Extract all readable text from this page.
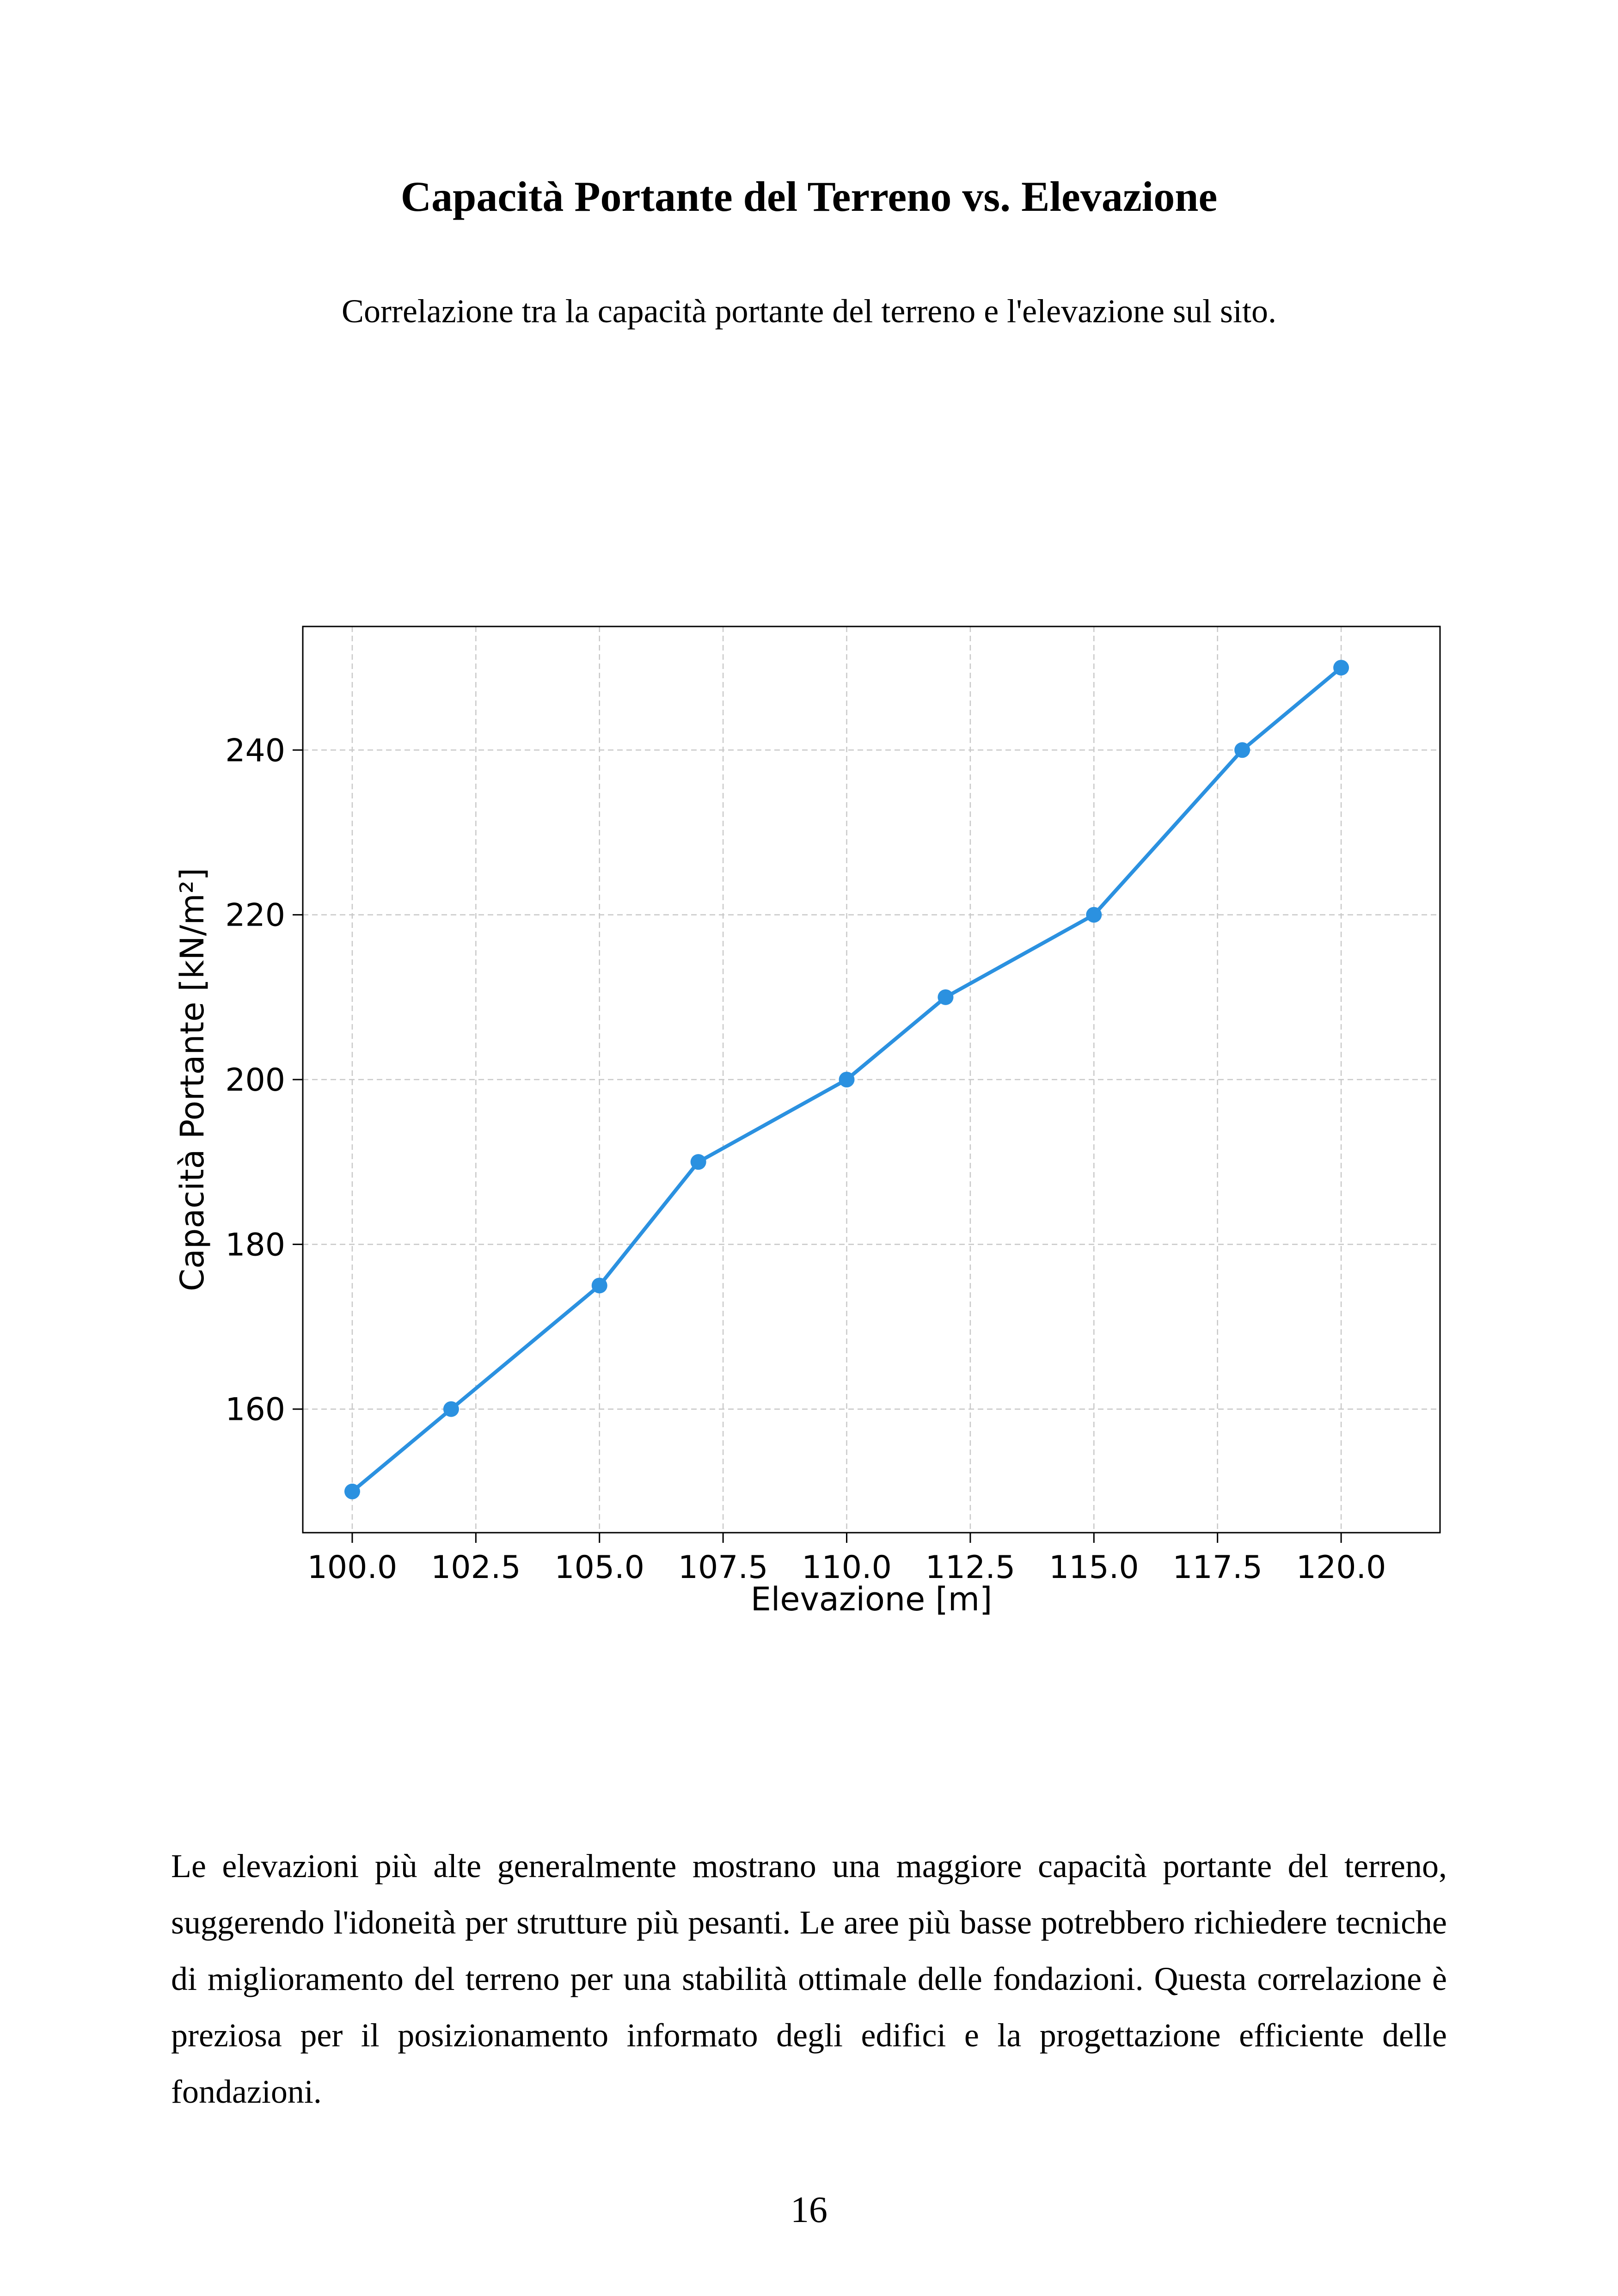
Capacità Portante del Terreno vs. Elevazione

Correlazione tra la capacità portante del terreno e l'elevazione sul sito.

100.0 102.5 105.0 107.5 110.0 112.5 115.0 117.5 120.0
160
180
200
220
240
Elevazione [m]
Capacità Portante [kN/m²]

Le elevazioni più alte generalmente mostrano una maggiore capacità portante del terreno, suggerendo l'idoneità per strutture più pesanti. Le aree più basse potrebbero richiedere tecniche di miglioramento del terreno per una stabilità ottimale delle fondazioni. Questa correlazione è preziosa per il posizionamento informato degli edifici e la progettazione efficiente delle fondazioni.

16
